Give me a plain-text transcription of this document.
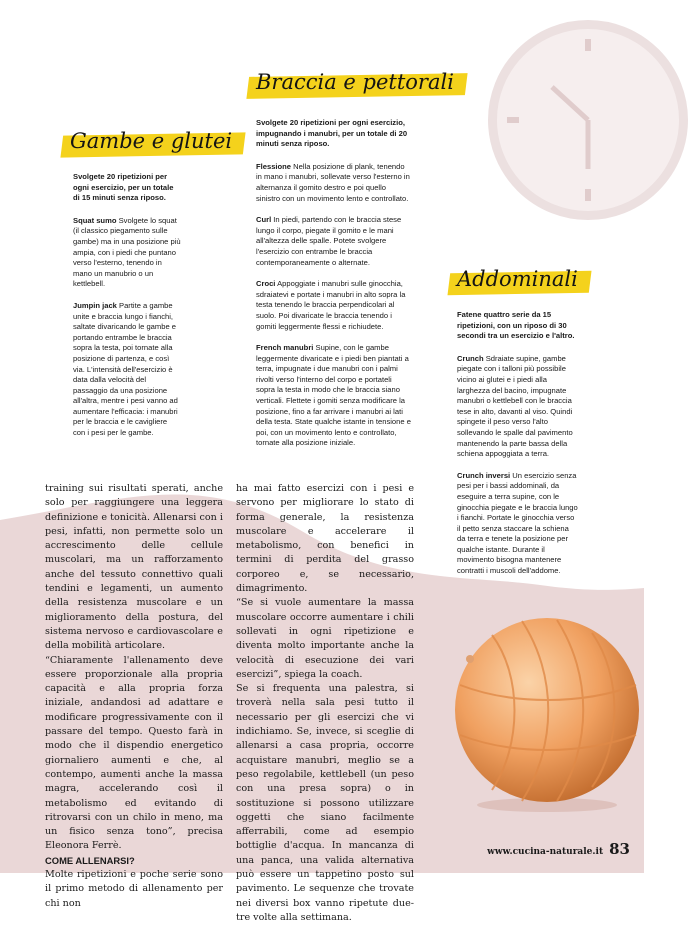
Gambe e glutei

Svolgete 20 ripetizioni per ogni esercizio, per un totale di 15 minuti senza riposo.

Squat sumo Svolgete lo squat (il classico piegamento sulle gambe) ma in una posizione più ampia, con i piedi che puntano verso l'esterno, tenendo in mano un manubrio o un kettlebell.

Jumpin jack Partite a gambe unite e braccia lungo i fianchi, saltate divaricando le gambe e portando entrambe le braccia sopra la testa, poi tornate alla posizione di partenza, e così via. L'intensità dell'esercizio è data dalla velocità del passaggio da una posizione all'altra, mentre i pesi vanno ad aumentare l'efficacia: i manubri per le braccia e le cavigliere con i pesi per le gambe.

Braccia e pettorali

Svolgete 20 ripetizioni per ogni esercizio, impugnando i manubri, per un totale di 20 minuti senza riposo.

Flessione Nella posizione di plank, tenendo in mano i manubri, sollevate verso l'esterno in alternanza il gomito destro e poi quello sinistro con un movimento lento e controllato.

Curl In piedi, partendo con le braccia stese lungo il corpo, piegate il gomito e le mani all'altezza delle spalle. Potete svolgere l'esercizio con entrambe le braccia contemporaneamente o alternate.

Croci Appoggiate i manubri sulle ginocchia, sdraiatevi e portate i manubri in alto sopra la testa tenendo le braccia perpendicolari al suolo. Poi divaricate le braccia tenendo i gomiti leggermente flessi e richiudete.

French manubri Supine, con le gambe leggermente divaricate e i piedi ben piantati a terra, impugnate i due manubri con i palmi rivolti verso l'interno del corpo e portateli sopra la testa in modo che le braccia siano verticali. Flettete i gomiti senza modificare la posizione, fino a far arrivare i manubri ai lati della testa. State qualche istante in tensione e poi, con un movimento lento e controllato, tornate alla posizione iniziale.

Addominali

Fatene quattro serie da 15 ripetizioni, con un riposo di 30 secondi tra un esercizio e l'altro.

Crunch Sdraiate supine, gambe piegate con i talloni più possibile vicino ai glutei e i piedi alla larghezza del bacino, impugnate manubri o kettlebell con le braccia tese in alto, davanti al viso. Quindi spingete il peso verso l'alto sollevando le spalle dal pavimento mantenendo la parte bassa della schiena appoggiata a terra.

Crunch inversi Un esercizio senza pesi per i bassi addominali, da eseguire a terra supine, con le ginocchia piegate e le braccia lungo i fianchi. Portate le ginocchia verso il petto senza staccare la schiena da terra e tenete la posizione per qualche istante. Durante il movimento bisogna mantenere contratti i muscoli dell'addome.

training sui risultati sperati, anche solo per raggiungere una leggera definizione e tonicità. Allenarsi con i pesi, infatti, non permette solo un accrescimento delle cellule muscolari, ma un rafforzamento anche del tessuto connettivo quali tendini e legamenti, un aumento della resistenza muscolare e un miglioramento della postura, del sistema nervoso e cardiovascolare e della mobilità articolare.

“Chiaramente l'allenamento deve essere proporzionale alla propria capacità e alla propria forza iniziale, andandosi ad adattare e modificare progressivamente con il passare del tempo. Questo farà in modo che il dispendio energetico giornaliero aumenti e che, al contempo, aumenti anche la massa magra, accelerando così il metabolismo ed evitando di ritrovarsi con un chilo in meno, ma un fisico senza tono”, precisa Eleonora Ferrè.

COME ALLENARSI?

Molte ripetizioni e poche serie sono il primo metodo di allenamento per chi non

ha mai fatto esercizi con i pesi e servono per migliorare lo stato di forma generale, la resistenza muscolare e accelerare il metabolismo, con benefici in termini di perdita del grasso corporeo e, se necessario, dimagrimento.

“Se si vuole aumentare la massa muscolare occorre aumentare i chili sollevati in ogni ripetizione e diventa molto importante anche la velocità di esecuzione dei vari esercizi”, spiega la coach.

Se si frequenta una palestra, si troverà nella sala pesi tutto il necessario per gli esercizi che vi indichiamo. Se, invece, si sceglie di allenarsi a casa propria, occorre acquistare manubri, meglio se a peso regolabile, kettlebell (un peso con una presa sopra) o in sostituzione si possono utilizzare oggetti che siano facilmente afferrabili, come ad esempio bottiglie d'acqua. In mancanza di una panca, una valida alternativa può essere un tappetino posto sul pavimento. Le sequenze che trovate nei diversi box vanno ripetute due-tre volte alla settimana.

www.cucina-naturale.it 83
